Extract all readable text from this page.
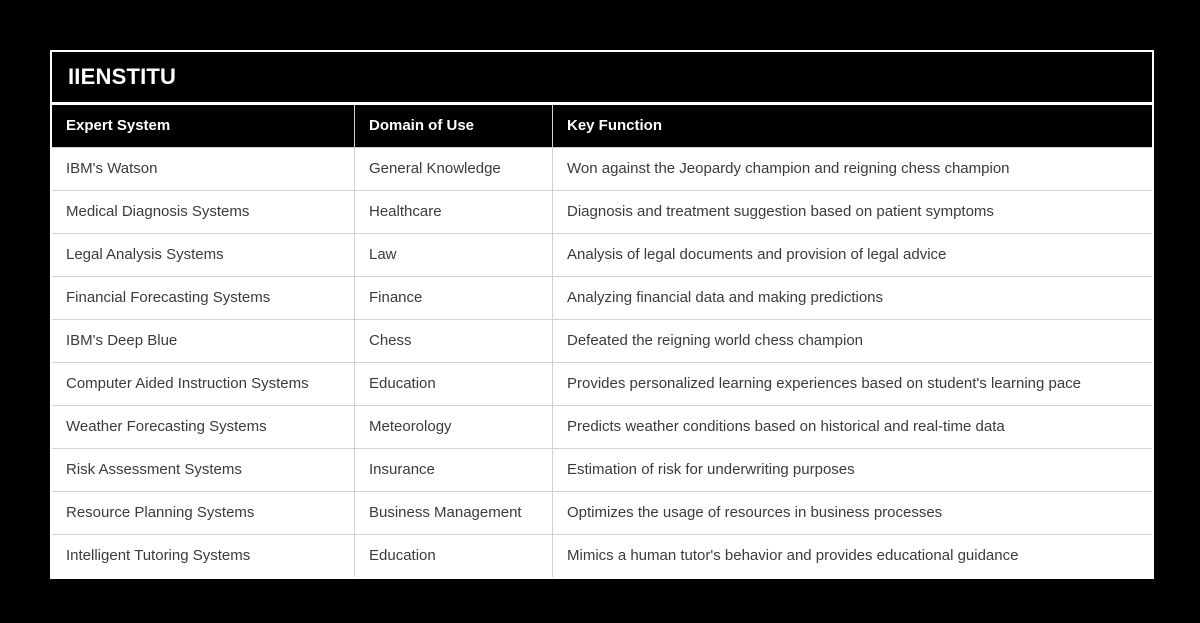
IIENSTITU
Expert System	Domain of Use	Key Function
IBM's Watson	General Knowledge	Won against the Jeopardy champion and reigning chess champion
Medical Diagnosis Systems	Healthcare	Diagnosis and treatment suggestion based on patient symptoms
Legal Analysis Systems	Law	Analysis of legal documents and provision of legal advice
Financial Forecasting Systems	Finance	Analyzing financial data and making predictions
IBM's Deep Blue	Chess	Defeated the reigning world chess champion
Computer Aided Instruction Systems	Education	Provides personalized learning experiences based on student's learning pace
Weather Forecasting Systems	Meteorology	Predicts weather conditions based on historical and real-time data
Risk Assessment Systems	Insurance	Estimation of risk for underwriting purposes
Resource Planning Systems	Business Management	Optimizes the usage of resources in business processes
Intelligent Tutoring Systems	Education	Mimics a human tutor's behavior and provides educational guidance
